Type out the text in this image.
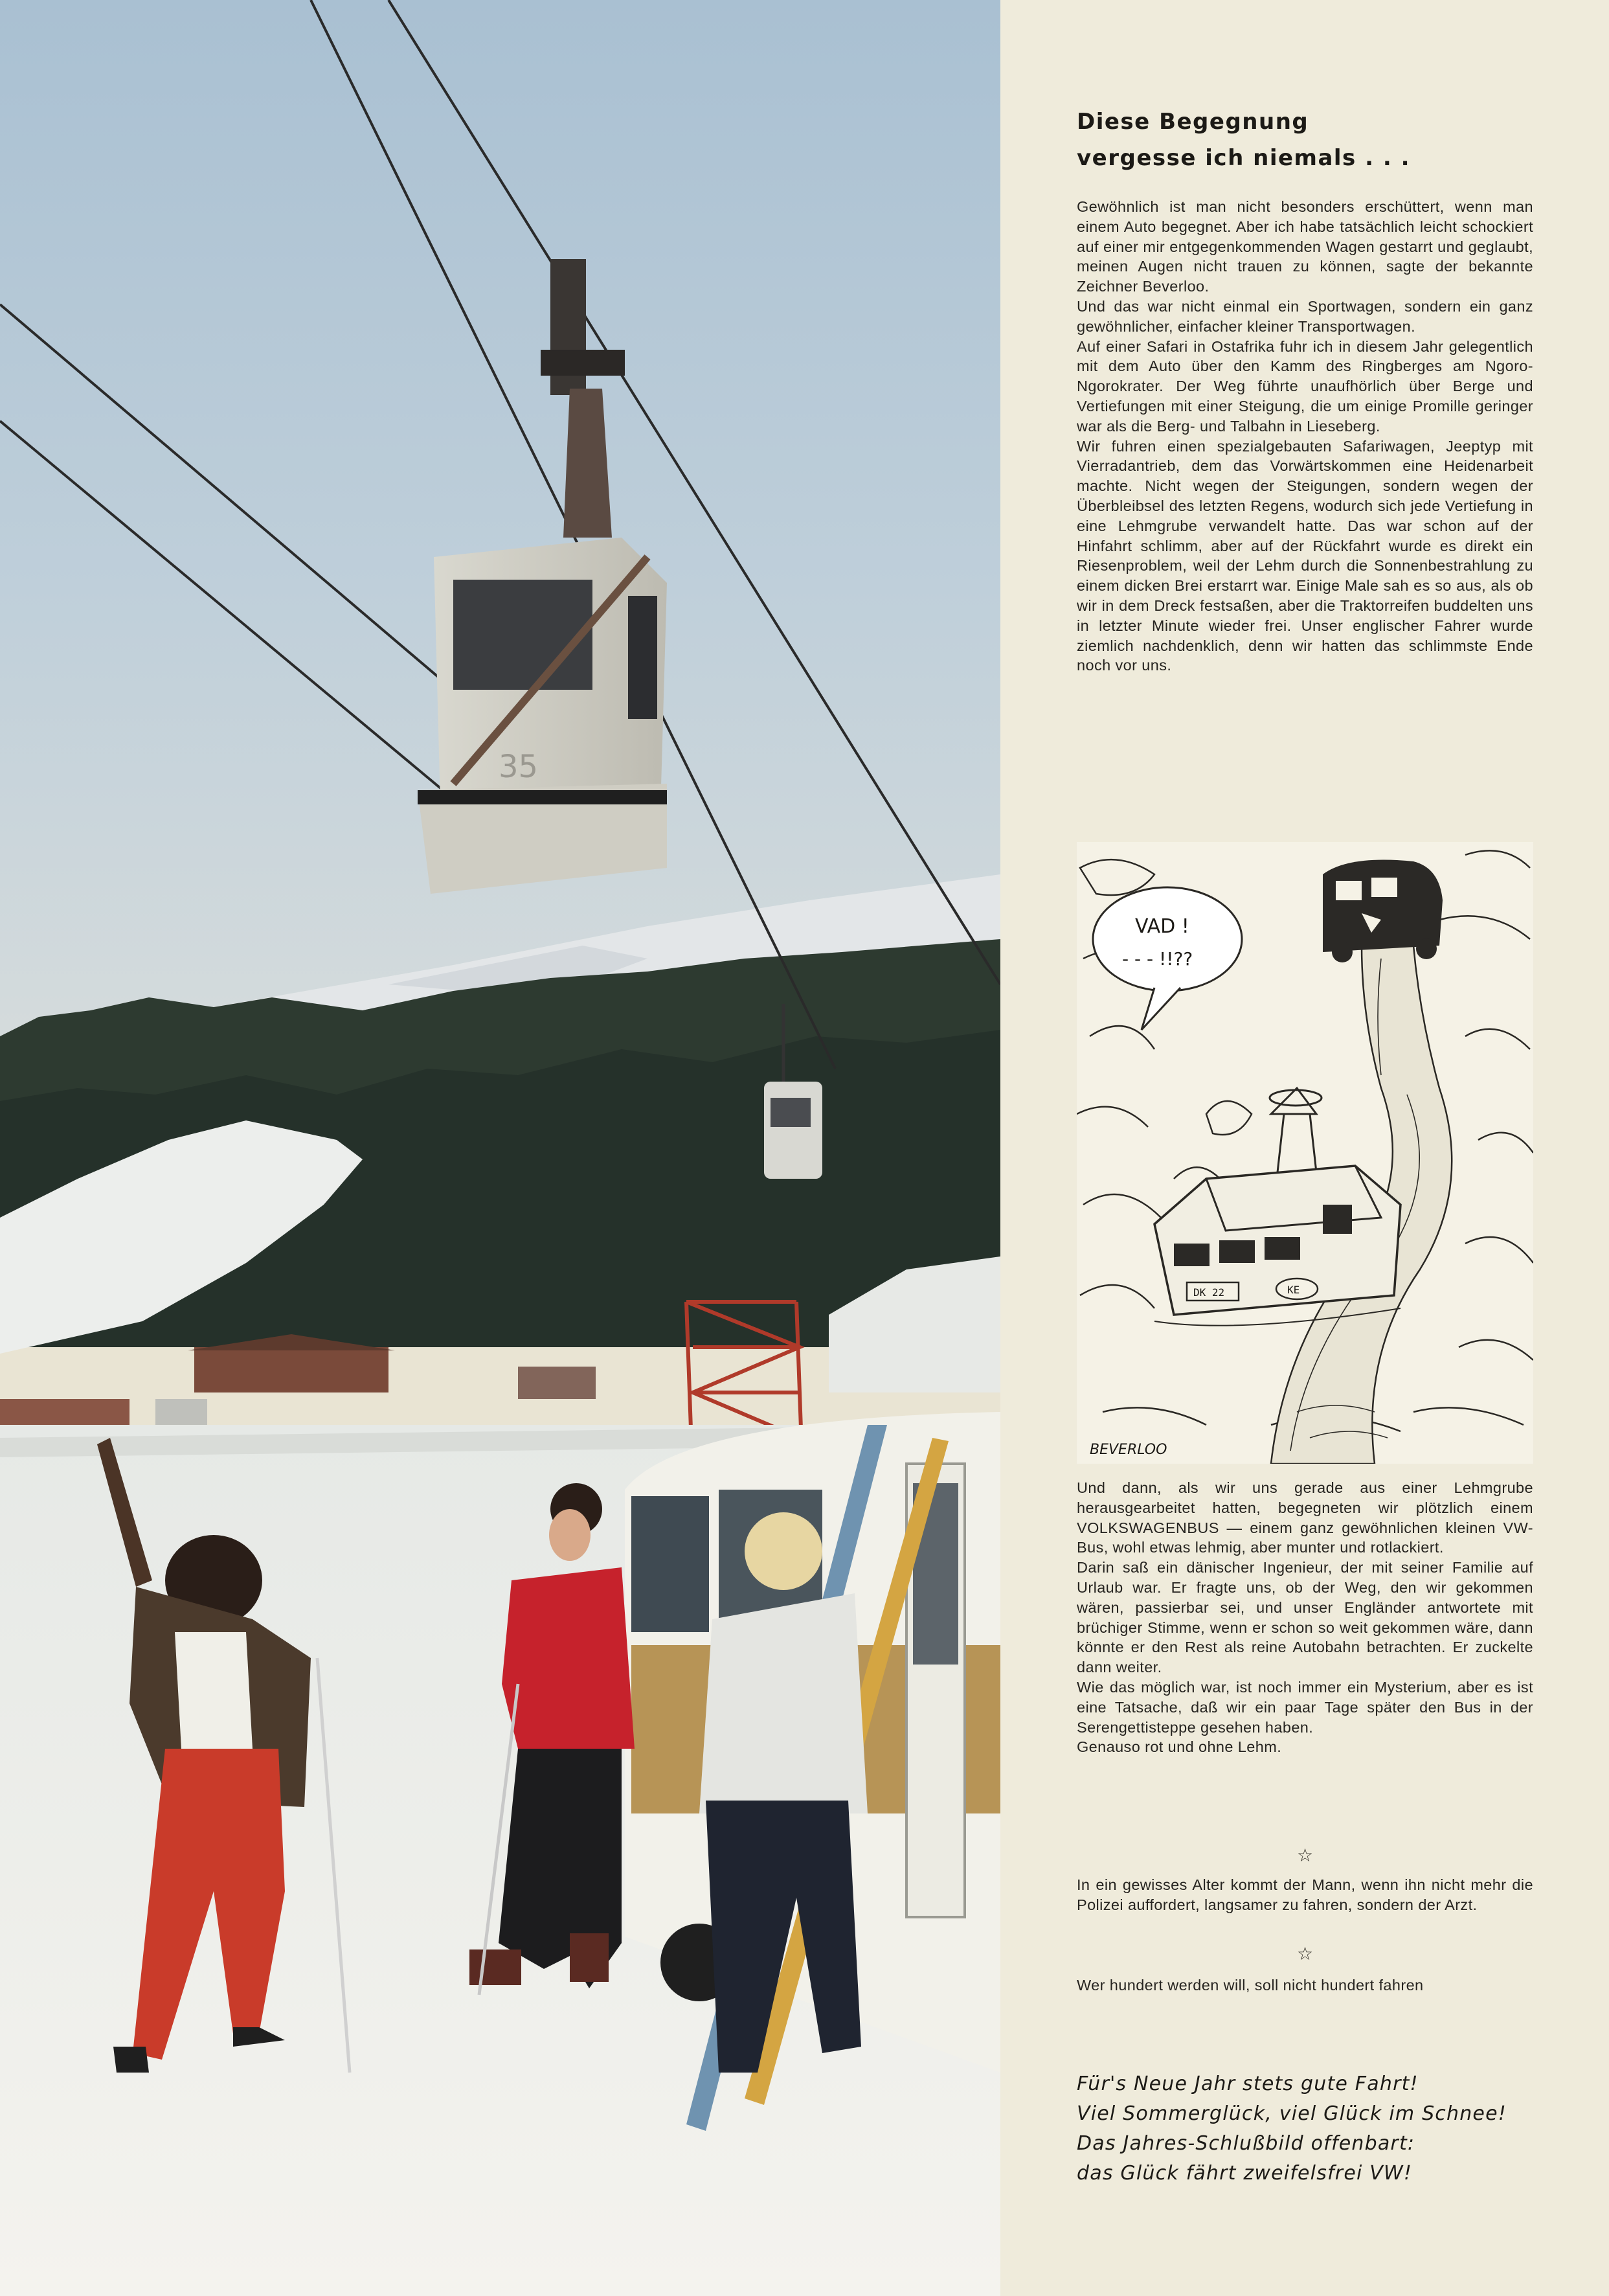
35
Diese Begegnung
vergesse ich niemals . . .

Gewöhnlich ist man nicht besonders erschüttert, wenn man einem Auto begegnet. Aber ich habe tatsächlich leicht schockiert auf einer mir entgegenkommenden Wagen gestarrt und geglaubt, meinen Augen nicht trauen zu können, sagte der bekannte Zeichner Beverloo.

Und das war nicht einmal ein Sportwagen, sondern ein ganz gewöhnlicher, einfacher kleiner Transportwagen.

Auf einer Safari in Ostafrika fuhr ich in diesem Jahr gelegentlich mit dem Auto über den Kamm des Ringberges am Ngoro-Ngorokrater. Der Weg führte unaufhörlich über Berge und Vertiefungen mit einer Steigung, die um einige Promille geringer war als die Berg- und Talbahn in Lieseberg.

Wir fuhren einen spezialgebauten Safariwagen, Jeeptyp mit Vierradantrieb, dem das Vorwärtskommen eine Heidenarbeit machte. Nicht wegen der Steigungen, sondern wegen der Überbleibsel des letzten Regens, wodurch sich jede Vertiefung in eine Lehmgrube verwandelt hatte. Das war schon auf der Hinfahrt schlimm, aber auf der Rückfahrt wurde es direkt ein Riesenproblem, weil der Lehm durch die Sonnenbestrahlung zu einem dicken Brei erstarrt war. Einige Male sah es so aus, als ob wir in dem Dreck festsaßen, aber die Traktorreifen buddelten uns in letzter Minute wieder frei. Unser englischer Fahrer wurde ziemlich nachdenklich, denn wir hatten das schlimmste Ende noch vor uns.

VAD !
- - - !!??
DK 22	KE
BEVERLOO

Und dann, als wir uns gerade aus einer Lehmgrube herausgearbeitet hatten, begegneten wir plötzlich einem VOLKSWAGENBUS — einem ganz gewöhnlichen kleinen VW-Bus, wohl etwas lehmig, aber munter und rotlackiert.

Darin saß ein dänischer Ingenieur, der mit seiner Familie auf Urlaub war. Er fragte uns, ob der Weg, den wir gekommen wären, passierbar sei, und unser Engländer antwortete mit brüchiger Stimme, wenn er schon so weit gekommen wäre, dann könnte er den Rest als reine Autobahn betrachten. Er zuckelte dann weiter.

Wie das möglich war, ist noch immer ein Mysterium, aber es ist eine Tatsache, daß wir ein paar Tage später den Bus in der Serengettisteppe gesehen haben.

Genauso rot und ohne Lehm.

☆

In ein gewisses Alter kommt der Mann, wenn ihn nicht mehr die Polizei auffordert, langsamer zu fahren, sondern der Arzt.

☆

Wer hundert werden will, soll nicht hundert fahren

Für's Neue Jahr stets gute Fahrt!
Viel Sommerglück, viel Glück im Schnee!
Das Jahres-Schlußbild offenbart:
das Glück fährt zweifelsfrei VW!
